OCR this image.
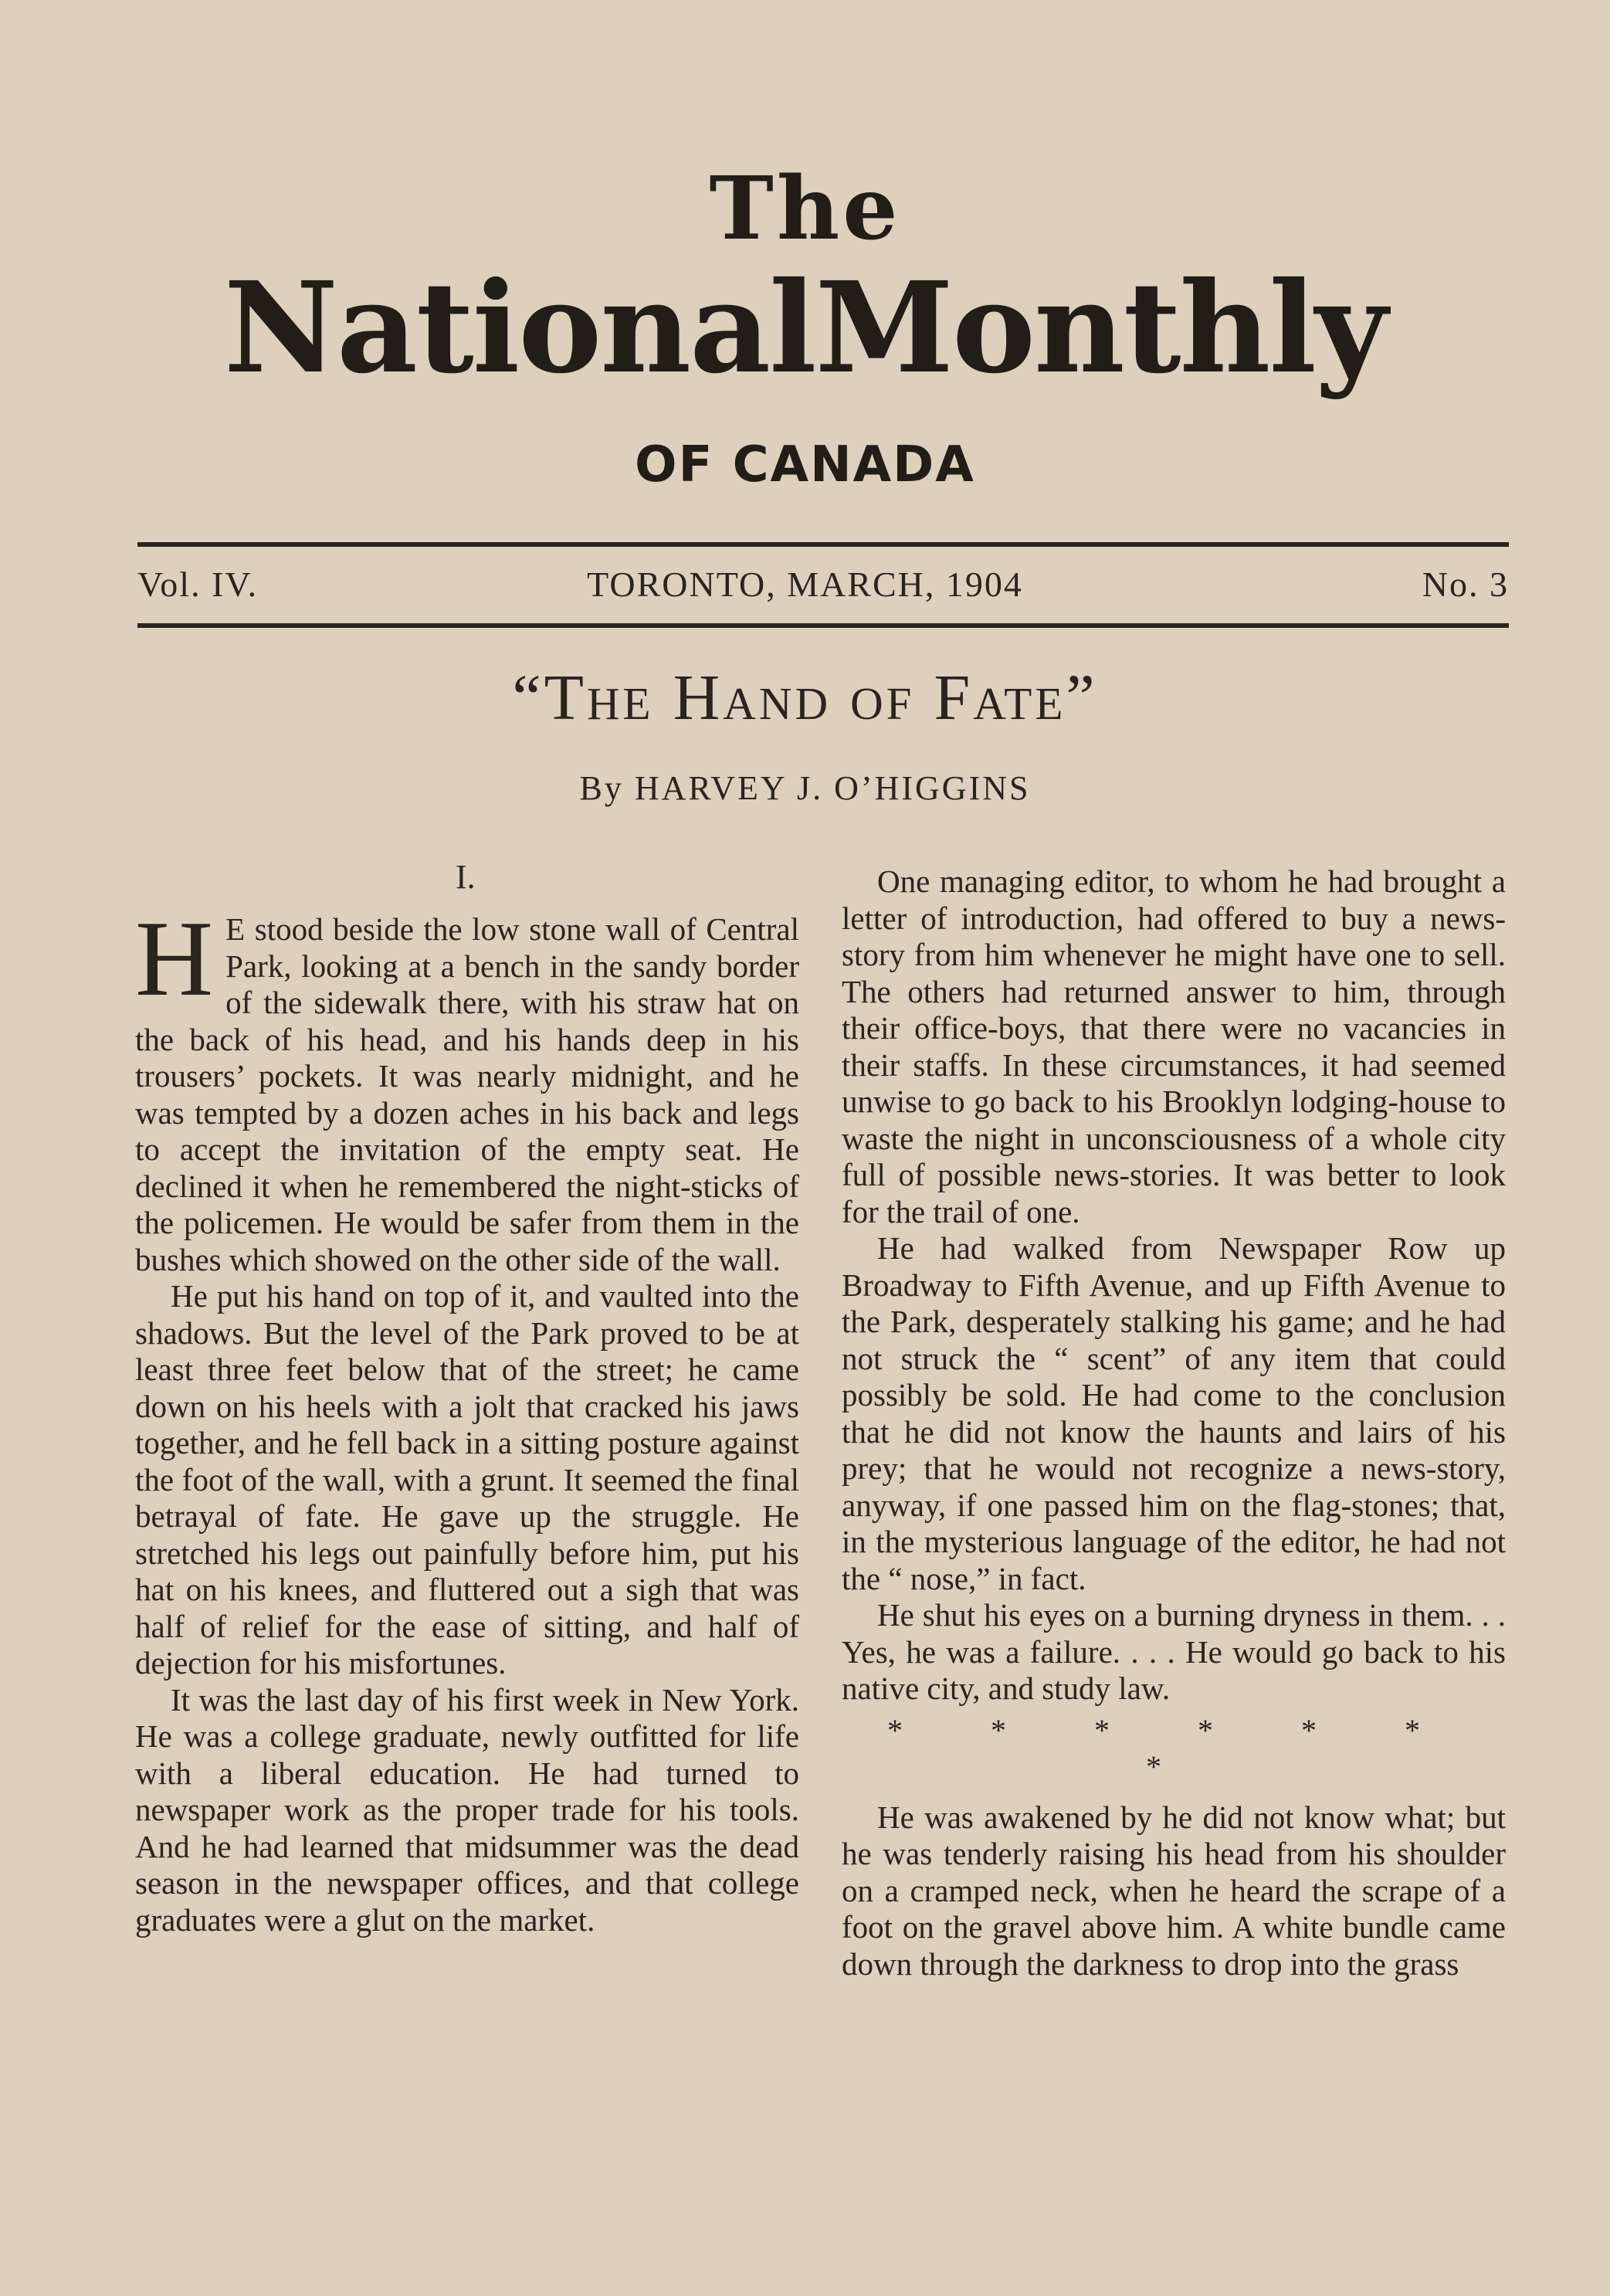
The
NationalMonthly
OF CANADA
Vol. IV.	TORONTO, MARCH, 1904	No. 3
“The Hand of Fate”
By HARVEY J. O’HIGGINS
I.

H E stood beside the low stone wall of Central Park, looking at a bench in the sandy border of the sidewalk there, with his straw hat on the back of his head, and his hands deep in his trousers’ pockets. It was nearly midnight, and he was tempted by a dozen aches in his back and legs to accept the invitation of the empty seat. He declined it when he remembered the night-sticks of the policemen. He would be safer from them in the bushes which showed on the other side of the wall.

He put his hand on top of it, and vaulted into the shadows. But the level of the Park proved to be at least three feet below that of the street; he came down on his heels with a jolt that cracked his jaws together, and he fell back in a sitting posture against the foot of the wall, with a grunt. It seemed the final betrayal of fate. He gave up the struggle. He stretched his legs out painfully before him, put his hat on his knees, and fluttered out a sigh that was half of relief for the ease of sitting, and half of dejection for his misfortunes.

It was the last day of his first week in New York. He was a college graduate, newly outfitted for life with a liberal education. He had turned to newspaper work as the proper trade for his tools. And he had learned that midsummer was the dead season in the newspaper offices, and that college graduates were a glut on the market.

One managing editor, to whom he had brought a letter of introduction, had offered to buy a news-story from him whenever he might have one to sell. The others had returned answer to him, through their office-boys, that there were no vacancies in their staffs. In these circumstances, it had seemed unwise to go back to his Brooklyn lodging-house to waste the night in unconsciousness of a whole city full of possible news-stories. It was better to look for the trail of one.

He had walked from Newspaper Row up Broadway to Fifth Avenue, and up Fifth Avenue to the Park, desperately stalking his game; and he had not struck the “ scent” of any item that could possibly be sold. He had come to the conclusion that he did not know the haunts and lairs of his prey; that he would not recognize a news-story, anyway, if one passed him on the flag-stones; that, in the mysterious language of the editor, he had not the “ nose,” in fact.

He shut his eyes on a burning dryness in them. . . Yes, he was a failure. . . . He would go back to his native city, and study law.

* * * * * * *

He was awakened by he did not know what; but he was tenderly raising his head from his shoulder on a cramped neck, when he heard the scrape of a foot on the gravel above him. A white bundle came down through the darkness to drop into the grass
